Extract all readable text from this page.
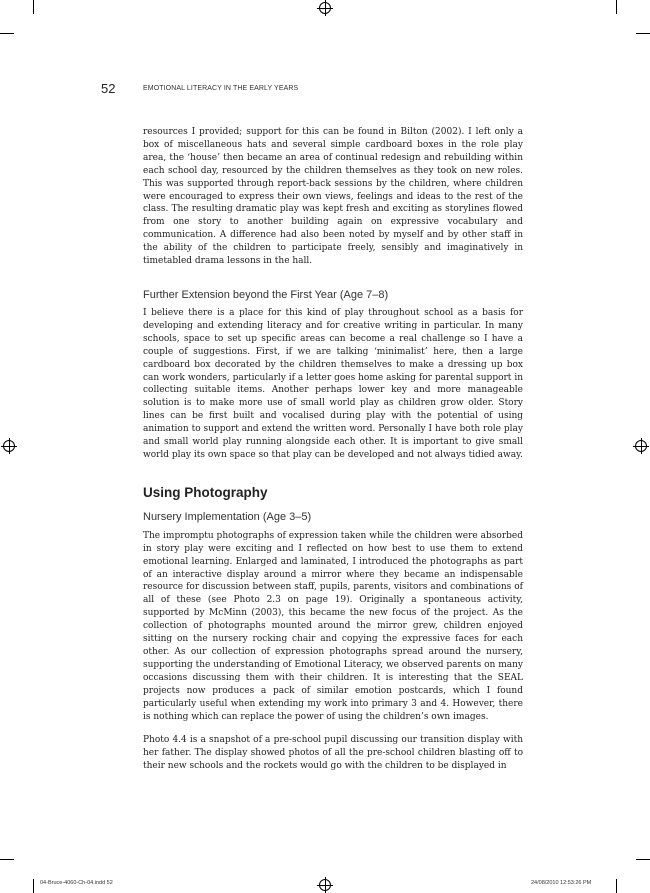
52	EMOTIONAL LITERACY IN THE EARLY YEARS

resources I provided; support for this can be found in Bilton (2002). I left only a box of miscellaneous hats and several simple cardboard boxes in the role play area, the ‘house’ then became an area of continual redesign and rebuilding within each school day, resourced by the children themselves as they took on new roles. This was supported through report-back sessions by the children, where children were encouraged to express their own views, feelings and ideas to the rest of the class. The resulting dramatic play was kept fresh and exciting as storylines flowed from one story to another building again on expressive vocabulary and communication. A difference had also been noted by myself and by other staff in the ability of the children to participate freely, sensibly and imaginatively in timetabled drama lessons in the hall.

Further Extension beyond the First Year (Age 7–8)

I believe there is a place for this kind of play throughout school as a basis for developing and extending literacy and for creative writing in particular. In many schools, space to set up specific areas can become a real challenge so I have a couple of suggestions. First, if we are talking ‘minimalist’ here, then a large cardboard box decorated by the children themselves to make a dressing up box can work wonders, particularly if a letter goes home asking for parental support in collecting suitable items. Another perhaps lower key and more manageable solution is to make more use of small world play as children grow older. Story lines can be first built and vocalised during play with the potential of using animation to support and extend the written word. Personally I have both role play and small world play running alongside each other. It is important to give small world play its own space so that play can be developed and not always tidied away.

Using Photography
Nursery Implementation (Age 3–5)

The impromptu photographs of expression taken while the children were absorbed in story play were exciting and I reflected on how best to use them to extend emotional learning. Enlarged and laminated, I introduced the photographs as part of an interactive display around a mirror where they became an indispensable resource for discussion between staff, pupils, parents, visitors and combinations of all of these (see Photo 2.3 on page 19). Originally a spontaneous activity, supported by McMinn (2003), this became the new focus of the project. As the collection of photographs mounted around the mirror grew, children enjoyed sitting on the nursery rocking chair and copying the expressive faces for each other. As our collection of expression photographs spread around the nursery, supporting the understanding of Emotional Literacy, we observed parents on many occasions discussing them with their children. It is interesting that the SEAL projects now produces a pack of similar emotion postcards, which I found particularly useful when extending my work into primary 3 and 4. However, there is nothing which can replace the power of using the children’s own images.

Photo 4.4 is a snapshot of a pre-school pupil discussing our transition display with her father. The display showed photos of all the pre-school children blasting off to their new schools and the rockets would go with the children to be displayed in

04-Bruce-4060-Ch-04.indd 52	24/08/2010 12:53:26 PM
